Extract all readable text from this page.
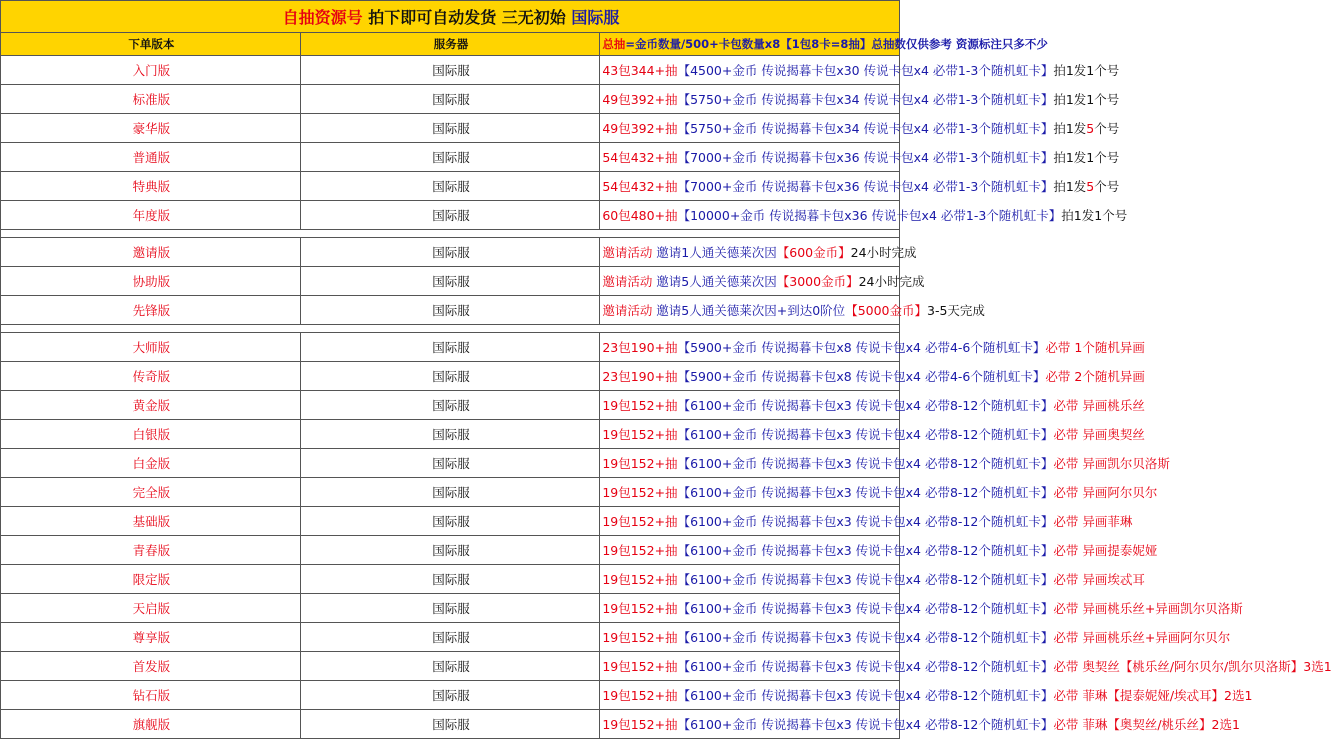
自抽资源号 拍下即可自动发货 三无初始 国际服		
下单版本	服务器	总抽=金币数量/500+卡包数量x8【1包8卡=8抽】总抽数仅供参考 资源标注只多不少
入门版	国际服	43包344+抽【4500+金币 传说揭暮卡包x30 传说卡包x4 必带1-3个随机虹卡】拍1发1个号
标准版	国际服	49包392+抽【5750+金币 传说揭暮卡包x34 传说卡包x4 必带1-3个随机虹卡】拍1发1个号
豪华版	国际服	49包392+抽【5750+金币 传说揭暮卡包x34 传说卡包x4 必带1-3个随机虹卡】拍1发5个号
普通版	国际服	54包432+抽【7000+金币 传说揭暮卡包x36 传说卡包x4 必带1-3个随机虹卡】拍1发1个号
特典版	国际服	54包432+抽【7000+金币 传说揭暮卡包x36 传说卡包x4 必带1-3个随机虹卡】拍1发5个号
年度版	国际服	60包480+抽【10000+金币 传说揭暮卡包x36 传说卡包x4 必带1-3个随机虹卡】拍1发1个号

邀请版	国际服	邀请活动 邀请1人通关德莱次因【600金币】24小时完成
协助版	国际服	邀请活动 邀请5人通关德莱次因【3000金币】24小时完成
先锋版	国际服	邀请活动 邀请5人通关德莱次因+到达0阶位【5000金币】3-5天完成

大师版	国际服	23包190+抽【5900+金币 传说揭暮卡包x8 传说卡包x4 必带4-6个随机虹卡】必带 1个随机异画
传奇版	国际服	23包190+抽【5900+金币 传说揭暮卡包x8 传说卡包x4 必带4-6个随机虹卡】必带 2个随机异画
黄金版	国际服	19包152+抽【6100+金币 传说揭暮卡包x3 传说卡包x4 必带8-12个随机虹卡】必带 异画桃乐丝
白银版	国际服	19包152+抽【6100+金币 传说揭暮卡包x3 传说卡包x4 必带8-12个随机虹卡】必带 异画奥契丝
白金版	国际服	19包152+抽【6100+金币 传说揭暮卡包x3 传说卡包x4 必带8-12个随机虹卡】必带 异画凯尔贝洛斯
完全版	国际服	19包152+抽【6100+金币 传说揭暮卡包x3 传说卡包x4 必带8-12个随机虹卡】必带 异画阿尔贝尔
基础版	国际服	19包152+抽【6100+金币 传说揭暮卡包x3 传说卡包x4 必带8-12个随机虹卡】必带 异画菲琳
青春版	国际服	19包152+抽【6100+金币 传说揭暮卡包x3 传说卡包x4 必带8-12个随机虹卡】必带 异画提泰妮娅
限定版	国际服	19包152+抽【6100+金币 传说揭暮卡包x3 传说卡包x4 必带8-12个随机虹卡】必带 异画埃忒耳
天启版	国际服	19包152+抽【6100+金币 传说揭暮卡包x3 传说卡包x4 必带8-12个随机虹卡】必带 异画桃乐丝+异画凯尔贝洛斯
尊享版	国际服	19包152+抽【6100+金币 传说揭暮卡包x3 传说卡包x4 必带8-12个随机虹卡】必带 异画桃乐丝+异画阿尔贝尔
首发版	国际服	19包152+抽【6100+金币 传说揭暮卡包x3 传说卡包x4 必带8-12个随机虹卡】必带 奥契丝【桃乐丝/阿尔贝尔/凯尔贝洛斯】3选1
钻石版	国际服	19包152+抽【6100+金币 传说揭暮卡包x3 传说卡包x4 必带8-12个随机虹卡】必带 菲琳【提泰妮娅/埃忒耳】2选1
旗舰版	国际服	19包152+抽【6100+金币 传说揭暮卡包x3 传说卡包x4 必带8-12个随机虹卡】必带 菲琳【奥契丝/桃乐丝】2选1
